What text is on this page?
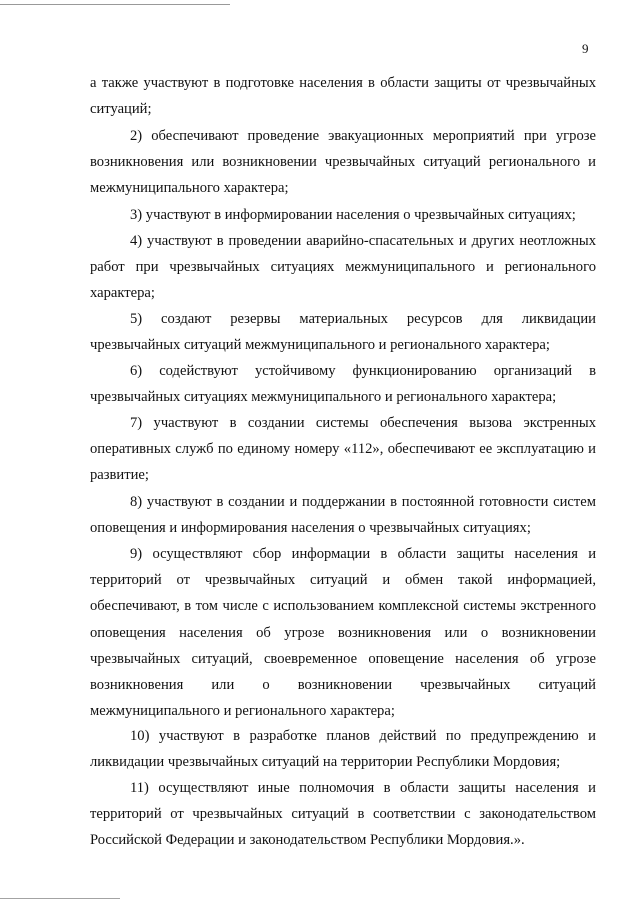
9

а также участвуют в подготовке населения в области защиты от чрезвычайных ситуаций;

2) обеспечивают проведение эвакуационных мероприятий при угрозе возникновения или возникновении чрезвычайных ситуаций регионального и межмуниципального характера;

3) участвуют в информировании населения о чрезвычайных ситуациях;

4) участвуют в проведении аварийно-спасательных и других неотложных работ при чрезвычайных ситуациях межмуниципального и регионального характера;

5) создают резервы материальных ресурсов для ликвидации чрезвычайных ситуаций межмуниципального и регионального характера;

6) содействуют устойчивому функционированию организаций в чрезвычайных ситуациях межмуниципального и регионального характера;

7) участвуют в создании системы обеспечения вызова экстренных оперативных служб по единому номеру «112», обеспечивают ее эксплуатацию и развитие;

8) участвуют в создании и поддержании в постоянной готовности систем оповещения и информирования населения о чрезвычайных ситуациях;

9) осуществляют сбор информации в области защиты населения и территорий от чрезвычайных ситуаций и обмен такой информацией, обеспечивают, в том числе с использованием комплексной системы экстренного оповещения населения об угрозе возникновения или о возникновении чрезвычайных ситуаций, своевременное оповещение населения об угрозе возникновения или о возникновении чрезвычайных ситуаций межмуниципального и регионального характера;

10) участвуют в разработке планов действий по предупреждению и ликвидации чрезвычайных ситуаций на территории Республики Мордовия;

11) осуществляют иные полномочия в области защиты населения и территорий от чрезвычайных ситуаций в соответствии с законодательством Российской Федерации и законодательством Республики Мордовия.».
